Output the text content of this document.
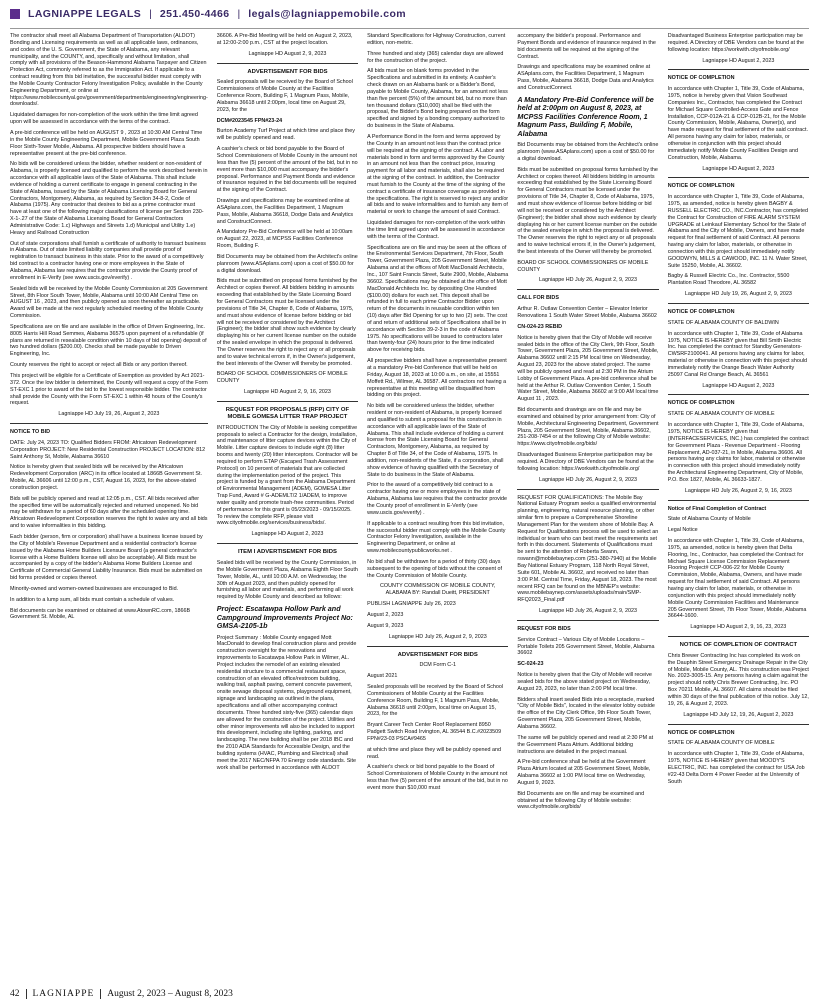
LAGNIAPPE LEGALS | 251.450-4466 | legals@lagniappemobile.com

The contractor shall meet all Alabama Department of Transportation (ALDOT) Bonding and Licensing requirements as well as all applicable laws, ordinances, and codes of the U. S. Government, the State of Alabama, any relevant municipality, and the COUNTY, and, specifically and without limitation, shall comply with all provisions of the Beason-Hammond Alabama Taxpayer and Citizen Protection Act, commonly referred to as the Immigration Act. If applicable to a contract resulting from this bid invitation, the successful bidder must comply with the Mobile County Contractor Felony Investigation Policy, available in the County Engineering Department, or online at https://www.mobilecountyal.gov/government/departments/engineering/engineering-downloads/.

Liquidated damages for non-completion of the work within the time limit agreed upon will be assessed in accordance with the terms of the contract.

A pre-bid conference will be held on AUGUST 9 , 2023 at 10:30 AM Central Time in the Mobile County Engineering Department, Mobile Government Plaza South Floor Sixth-Tower Mobile, Alabama. All prospective bidders should have a representative present at the pre-bid conference.

No bids will be considered unless the bidder, whether resident or non-resident of Alabama, is properly licensed and qualified to perform the work described herein in accordance with all applicable laws of the State of Alabama. This shall include evidence of holding a current certificate to engage in general contracting in the State of Alabama, issued by the State of Alabama Licensing Board for General Contractors, Montgomery, Alabama, as required by Section 34-8-2, Code of Alabama (1975). Any contractor that desires to bid as a prime contractor must have at least one of the following major classifications of license per Section 230-X-1-.27 of the State of Alabama Licensing Board for General Contractors Administrative Code: 1.c) Highways and Streets 1.d) Municipal and Utility 1.e) Heavy and Railroad Construction

Out of state corporations shall furnish a certificate of authority to transact business in Alabama. Out of state limited liability companies shall provide proof of registration to transact business in this state. Prior to the award of a competitively bid contract to a contractor having one or more employees in the State of Alabama, Alabama law requires that the contractor provide the County proof of enrollment in E-Verify (see www.uscis.gov/everify) .

Sealed bids will be received by the Mobile County Commission at 205 Government Street, 8th Floor South Tower, Mobile, Alabama until 10:00 AM Central Time on AUGUST 16 , 2023, and then publicly opened as soon thereafter as practicable. Award will be made at the next regularly scheduled meeting of the Mobile County Commission.

Specifications are on file and are available in the office of Driven Engineering, Inc. 8005 Harris Hill Road Semmes, Alabama 36575 upon payment of a refundable (if plans are returned in resealable condition within 10 days of bid opening) deposit of two hundred dollars ($200.00). Checks shall be made payable to Driven Engineering, Inc.

County reserves the right to accept or reject all Bids or any portion thereof.

This project will be eligible for a Certificate of Exemption as provided by Act 2021-372. Once the low bidder is determined, the County will request a copy of the Form ST-EXC 1 prior to award of the bid to the lowest responsible bidder. The contractor shall provide the County with the Form ST-EXC 1 within 48 hours of the County's request.

Lagniappe HD July 19, 26, August 2, 2023

NOTICE TO BID

DATE: July 24, 2023 TO: Qualified Bidders FROM: Africatown Redevelopment Corporation PROJECT: New Residential Construction PROJECT LOCATION: 812 Saint Anthony St, Mobile, Alabama 36610

Notice is hereby given that sealed bids will be received by the Africatown Redevelopment Corporation (ARC) in its office located at 1866B Government St. Mobile, AL 36606 until 12:00 p.m., CST, August 16, 2023, for the above-stated construction project.

Bids will be publicly opened and read at 12:05 p.m., CST. All bids received after the specified time will be automatically rejected and returned unopened. No bid may be withdrawn for a period of 60 days after the scheduled opening time. Africatown Redevelopment Corporation reserves the right to waive any and all bids and to waive informalities in this bidding.

Each bidder (person, firm or corporation) shall have a business license issued by the City of Mobile's Revenue Department and a residential contractor's license issued by the Alabama Home Builders Licensure Board (a general contractor's license with a Home Builders license will also be acceptable). All Bids must be accompanied by a copy of the bidder's Alabama Home Builders License and Certificate of Commercial General Liability Insurance. Bids must be submitted on bid forms provided or copies thereof.

Minority-owned and women-owned businesses are encouraged to Bid.

In addition to a lump sum, all bids must contain a schedule of values.

Bid documents can be examined or obtained at www.AtownRC.com, 1866B Government St. Mobile, AL

36606. A Pre-Bid Meeting will be held on August 2, 2023, at 12:00-2:00 p.m., CST at the project location.

Lagniappe HD August 2, 9, 2023

ADVERTISEMENT FOR BIDS

Sealed proposals will be received by the Board of School Commissioners of Mobile County at the Facilities Conference Room, Building F, 1 Magnum Pass, Mobile, Alabama 36618 until 2:00pm, local time on August 29, 2023, for the

DCM#2023545 FPN#23-24

Burton Academy Turf Project at which time and place they will be publicly opened and read.

A cashier's check or bid bond payable to the Board of School Commissioners of Mobile County in the amount not less than five (5) percent of the amount of the bid, but in no event more than $10,000 must accompany the bidder's proposal. Performance and Payment Bonds and evidence of insurance required in the bid documents will be required at the signing of the Contract.

Drawings and specifications may be examined online at ASAplans.com, the Facilities Department, 1 Magnum Pass, Mobile, Alabama 36618, Dodge Data and Analytics and ConstructConnect.

A Mandatory Pre-Bid Conference will be held at 10:00am on August 22, 2023, at MCPSS Facilities Conference Room, Building F.

Bid Documents may be obtained from the Architect's online planroom (www.ASAplans.com) upon a cost of $50.00 for a digital download.

Bids must be submitted on proposal forms furnished by the Architect or copies thereof. All bidders bidding in amounts exceeding that established by the State Licensing Board for General Contractors must be licensed under the provisions of Title 34, Chapter 8, Code of Alabama, 1975, and must show evidence of license before bidding or bid will not be received or considered by the Architect (Engineer); the bidder shall show such evidence by clearly displaying his or her current license number on the outside of the sealed envelope in which the proposal is delivered. The Owner reserves the right to reject any or all proposals and to waive technical errors if, in the Owner's judgement, the best interests of the Owner will thereby be promoted.

BOARD OF SCHOOL COMMISSIONERS OF MOBILE COUNTY

Lagniappe HD August 2, 9, 16, 2023

REQUEST FOR PROPOSALS (RFP) CITY OF MOBILE GOMESA LITTER TRAP PROJECT

INTRODUCTION The City of Mobile is seeking competitive proposals to select a Contractor for the design, installation, and maintenance of litter capture devices within the City of Mobile. Litter capture devices to include eight (8) litter booms and twenty (20) litter interceptors. Contractor will be required to perform ETAP (Escaped Trash Assessment Protocol) on 10 percent of materials that are collected during the implementation period of the project. This project is funded by a grant from the Alabama Department of Environmental Management (ADEM), GOMESA Litter Trap Fund, Award # G-ADEMLT/2 1/ADEM, to improve water quality and promote trash-free communities. Period of performance for this grant is 05/23/2023 - 09/15/2025. To review the complete RFP, please visit www.cityofmobile.org/services/business/bids/.

Lagniappe HD August 2, 2023

ITEM I ADVERTISEMENT FOR BIDS

Sealed bids will be received by the County Commission, in the Mobile Government Plaza, Alabama Eighth Floor South Tower, Mobile, AL, until 10:00 A.M. on Wednesday, the 30th of August 2023, and then publicly opened for furnishing all labor and materials, and performing all work required by Mobile County and described as follows:

Project: Escatawpa Hollow Park and Campground Improvements Project No: GMSA-2105-1b

Project Summary : Mobile County engaged Mott MacDonald to develop final construction plans and provide construction oversight for the renovations and improvements to Escatawpa Hollow Park in Wilmer, AL. Project includes the remodel of an existing elevated residential structure to a commercial restaurant space, construction of an elevated office/restroom building, walking trail, asphalt paving, cement concrete pavement, onsite sewage disposal systems, playground equipment, signage and landscaping as outlined in the plans, specifications and all other accompanying contract documents. Three hundred sixty-five (365) calendar days are allowed for the construction of the project. Utilities and other minor improvements will also be included to support this development, including site lighting, parking, and landscaping. The new building shall be per 2018 IBC and the 2010 ADA Standards for Accessible Design, and the building systems (HVAC, Plumbing and Electrical) shall meet the 2017 NEC/NFPA 70 Energy code standards. Site work shall be performed in accordance with ALDOT

Standard Specifications for Highway Construction, current edition, non-metric.

Three hundred and sixty (365) calendar days are allowed for the construction of the project.

All bids must be on blank forms provided in the Specifications and submitted in its entirety. A cashier's check drawn on an Alabama bank or a Bidder's Bond, payable to Mobile County, Alabama, for an amount not less than five percent (5%) of the amount bid, but no more than ten thousand dollars ($10,000) shall be filed with the proposal, the Bidder's Bond being prepared on the form specified and signed by a bonding company authorized to do business in the State of Alabama.

A Performance Bond in the form and terms approved by the County in an amount not less than the contract price will be required at the signing of the contract. A Labor and materials bond in form and terms approved by the County in an amount not less than the contract price, insuring payment for all labor and materials, shall also be required at the signing of the contract. In addition, the Contractor must furnish to the County at the time of the signing of the contract a certificate of insurance coverage as provided in the specifications. The right is reserved to reject any and/or all bids and to waive informalities and to furnish any item of material or work to change the amount of said Contract.

Liquidated damages for non-completion of the work within the time limit agreed upon will be assessed in accordance with the terms of the Contract.

Specifications are on file and may be seen at the offices of the Environmental Services Department, 7th Floor, South Tower, Government Plaza, 205 Government Street, Mobile Alabama and at the offices of Mott MacDonald Architects, Inc., 107 Saint Francis Street, Suite 2900, Mobile, Alabama 36602. Specifications may be obtained at the office of Mott MacDonald Architects Inc. by depositing One Hundred ($100.00) dollars for each set. This deposit shall be refunded in full to each prime Contractor Bidder upon return of the documents in reusable condition within ten (10) days after Bid Opening for up to two (2) sets. The cost of and return of additional sets of Specifications shall be in accordance with Section 39-2-3 in the code of Alabama 1975. No specifications will be issued to contractors later than twenty-four (24) hours prior to the time indicated above for receiving bids.

All prospective bidders shall have a representative present at a mandatory Pre-bid Conference that will be held on Friday, August 18, 2023 at 10:00 a.m., on site, at 15551 Moffett Rd., Wilmer, AL 36587. All contractors not having a representative at this meeting will be disqualified from bidding on this project.

No bids will be considered unless the bidder, whether resident or non-resident of Alabama, is properly licensed and qualified to submit a proposal for this construction in accordance with all applicable laws of the State of Alabama. This shall include evidence of holding a current license from the State Licensing Board for General Contractors, Montgomery, Alabama, as required by Chapter 8 of Title 34, of the Code of Alabama, 1975. In addition, non-residents of the State, if a corporation, shall show evidence of having qualified with the Secretary of State to do business in the State of Alabama.

Prior to the award of a competitively bid contract to a contractor having one or more employees in the state of Alabama, Alabama law requires that the contractor provide the County proof of enrollment in E-Verify (see www.uscis.gov/everify) .

If applicable to a contract resulting from this bid invitation, the successful bidder must comply with the Mobile County Contractor Felony Investigation, available in the Engineering Department, or online at www.mobilecountypublicworks.net .

No bid shall be withdrawn for a period of thirty (30) days subsequent to the opening of bids without the consent of the County Commission of Mobile County.

COUNTY COMMISSION OF MOBILE COUNTY, ALABAMA BY: Randall Dueitt, PRESIDENT

PUBLISH LAGNIAPPE July 26, 2023

August 2, 2023

August 9, 2023

Lagniappe HD July 26, August 2, 9, 2023

ADVERTISEMENT FOR BIDS

DCM Form C-1

August 2021

Sealed proposals will be received by the Board of School Commissioners of Mobile County at the Facilities Conference Room, Building F, 1 Magnum Pass, Mobile, Alabama 36618 until 2:00pm, local time on August 15, 2023, for the

Bryant Career Tech Center Roof Replacement 8950 Padgett Switch Road Irvington, AL 36544 B.C.#2023509 FPN#23-03 PSCA#9465

at which time and place they will be publicly opened and read.

A cashier's check or bid bond payable to the Board of School Commissioners of Mobile County in the amount not less than five (5) percent of the amount of the bid, but in no event more than $10,000 must

accompany the bidder's proposal. Performance and Payment Bonds and evidence of insurance required in the bid documents will be required at the signing of the Contract.

Drawings and specifications may be examined online at ASAplans.com, the Facilities Department, 1 Magnum Pass, Mobile, Alabama 36618, Dodge Data and Analytics and ConstructConnect.

A Mandatory Pre-Bid Conference will be held at 2:00pm on August 8, 2023, at MCPSS Facilities Conference Room, 1 Magnum Pass, Building F, Mobile, Alabama

Bid Documents may be obtained from the Architect's online planroom (www.ASAplans.com) upon a cost of $50.00 for a digital download.

Bids must be submitted on proposal forms furnished by the Architect or copies thereof. All bidders bidding in amounts exceeding that established by the State Licensing Board for General Contractors must be licensed under the provisions of Title 34, Chapter 8, Code of Alabama, 1975, and must show evidence of license before bidding or bid will not be received or considered by the Architect (Engineer); the bidder shall show such evidence by clearly displaying his or her current license number on the outside of the sealed envelope in which the proposal is delivered. The Owner reserves the right to reject any or all proposals and to waive technical errors if, in the Owner's judgement, the best interests of the Owner will thereby be promoted.

BOARD OF SCHOOL COMMISSIONERS OF MOBILE COUNTY

Lagniappe HD July 26, August 2, 9, 2023

CALL FOR BIDS

Arthur R. Outlaw Convention Center – Elevator Interior Renovations 1 South Water Street Mobile, Alabama 36602

CN-024-23 REBID

Notice is hereby given that the City of Mobile will receive sealed bids in the office of the City Clerk, 9th Floor, South Tower, Government Plaza, 205 Government Street, Mobile, Alabama 36602 until 2:15 PM local time on Wednesday, August 23, 2023 for the above stated project. The same will be publicly opened and read at 2:30 PM in the Atrium Lobby of Government Plaza. A pre-bid conference shall be held at the Arthur R. Outlaw Convention Center, 1 South Water Street, Mobile, Alabama 36602 at 9:00 AM local time August 11 , 2023.

Bid documents and drawings are on file and may be examined and obtained by prior arrangement from: City of Mobile, Architectural Engineering Department, Government Plaza, 205 Government Street, Mobile, Alabama 36602, 251-208-7454 or at the following City of Mobile website: https://www.cityofmobile.org/bids/

Disadvantaged Business Enterprise participation may be required. A Directory of DBE Vendors can be found at the following location: https://workwith.cityofmobile.org/

Lagniappe HD July 26, August 2, 9, 2023

REQUEST FOR QUALIFICATIONS: The Mobile Bay National Estuary Program seeks a qualified environmental planning, engineering, natural resource planning, or other similar firm to prepare a Comprehensive Shoreline Management Plan for the western shore of Mobile Bay. A Request for Qualifications process will be used to select an individual or team who can best meet the requirements set forth in this document. Statements of Qualifications must be sent to the attention of Roberta Swann, rswann@mobilebaynep.com (251-380-7940) at the Mobile Bay National Estuary Program, 118 North Royal Street, Suite 601, Mobile AL 36602, and received no later than 3:00 P.M. Central Time, Friday, August 18, 2023. The most recent RFQ can be found on the MBNEP's website: www.mobilebaynep.com/assets/uploads/main/SMP-RFQ2023_Final.pdf

Lagniappe HD July 26, August 2, 9, 2023

REQUEST FOR BIDS

Service Contract – Various City of Mobile Locations – Portable Toilets 205 Government Street, Mobile, Alabama 36602

SC-024-23

Notice is hereby given that the City of Mobile will receive sealed bids for the above stated project on Wednesday, August 23, 2023, no later than 2:00 PM local time.

Bidders shall insert sealed Bids into a receptacle, marked "City of Mobile Bids", located in the elevator lobby outside the office of the City Clerk Office, 9th Floor South Tower, Government Plaza, 205 Government Street, Mobile, Alabama 36602.

The same will be publicly opened and read at 2:30 PM at the Government Plaza Atrium. Additional bidding instructions are detailed in the project manual.

A Pre-bid conference shall be held at the Government Plaza Atrium located at 205 Government Street, Mobile, Alabama 36602 at 1:00 PM local time on Wednesday, August 9, 2023.

Bid Documents are on file and may be examined and obtained at the following City of Mobile website: www.cityofmobile.org/bids/

Disadvantaged Business Enterprise participation may be required. A Directory of DBE Vendors can be found at the following location: https://workwith.cityofmobile.org/

Lagniappe HD August 2, 2023

NOTICE OF COMPLETION

In accordance with Chapter 1, Title 39, Code of Alabama, 1975, notice is hereby given that Vision Southeast Companies Inc., Contractor, has completed the Contract for Michael Square Controlled-Access Gate and Fence Installation, CCP-012A-21 & CCP-012B-21, for the Mobile County Commission, Mobile, Alabama, Owner(s), and have made request for final settlement of the said contract. All persons having any claim for labor, materials, or otherwise in conjunction with this project should immediately notify Mobile County Facilities Design and Construction, Mobile, Alabama.

Lagniappe HD August 2, 2023

NOTICE OF COMPLETION

In accordance with Chapter 1, Title 39, Code of Alabama, 1975, as amended, notice is hereby given BAGBY & RUSSELL ELECTRIC CO., INC.Contractor, has completed the Contract for Construction of FIRE ALARM SYSTEM UPGRADE at Leinkauf Elementary School for the State of Alabama and the City of Mobile, Owners, and have made request for final settlement of said Contract. All persons having any claim for labor, materials, or otherwise in connection with this project should immediately notify GOODWYN, MILLS & CAWOOD, INC. 11 N. Water Street, Suite 15250, Mobile, AL 36602.

Bagby & Russell Electric Co., Inc. Contractor, 5500 Plantation Road Theodore, AL 36582

Lagniappe HD July 19, 26, August 2, 9, 2023

NOTICE OF COMPLETION

STATE OF ALABAMA COUNTY OF BALDWIN

In accordance with Chapter 1, Title 39, Code of Alabama 1975, NOTICE IS HEREBY given that Bill Smith Electric Inc. has completed the contract for Standby Generators-CWSRF2100041. All persons having any claims for labor, material or otherwise in connection with this project should immediately notify the Orange Beach Water Authority 25097 Canal Rd Orange Beach, AL 36561

Lagniappe HD August 2, 2023

NOTICE OF COMPLETION

STATE OF ALABAMA COUNTY OF MOBILE

In accordance with Chapter 1, Title 39, Code of Alabama, 1975, NOTICE IS HEREBY given that (INTERFACESERVICES, INC.) has completed the contract for Government Plaza - Revenue Department - Flooring Replacement, AD-037-21, in Mobile, Alabama 36606. All persons having any claims for labor, material or otherwise in connection with this project should immediately notify the Architectural Engineering Department, City of Mobile, P.O. Box 1827, Mobile, AL 36633-1827.

Lagniappe HD July 26, August 2, 9, 16, 2023

Notice of Final Completion of Contract

State of Alabama County of Mobile

Legal Notice

In accordance with Chapter 1, Title 39, Code of Alabama, 1975, as amended, notice is hereby given that Delta Flooring, Inc., Contractor, has completed the Contract for Michael Square License Commission Replacement Flooring Project# CCP-006-22 for Mobile County Commission, Mobile, Alabama, Owners, and have made request for final settlement of said Contract. All persons having any claim for labor, materials, or otherwise in conjunction with this project should immediately notify Mobile County Commission Facilities and Maintenance 205 Government Street, 7th Floor Tower, Mobile, Alabama 36644-1600.

Lagniappe HD August 2, 9, 16, 23, 2023

NOTICE OF COMPLETION OF CONTRACT

Chris Brewer Contracting Inc has completed its work on the Dauphin Street Emergency Drainage Repair in the City of Mobile, Mobile County, AL. This construction was Project No. 2023-3005-15. Any persons having a claim against the project should notify Chris Brewer Contracting, Inc. PO Box 70211 Mobile, AL 36607. All claims should be filed within 30 days of the final publication of this notice. July 12, 19, 26, & August 2, 2023.

Lagniappe HD July 12, 19, 26, August 2, 2023

NOTICE OF COMPLETION

STATE OF ALABAMA COUNTY OF MOBILE

In accordance with Chapter 1, Title 39, Code of Alabama, 1975, NOTICE IS HEREBY given that MOODY'S ELECTRIC, INC. has completed the contract for USA Job #22-43 Delta Dorm 4 Power Feeder at the University of South

42 LAGNIAPPE August 2, 2023 – August 8, 2023
